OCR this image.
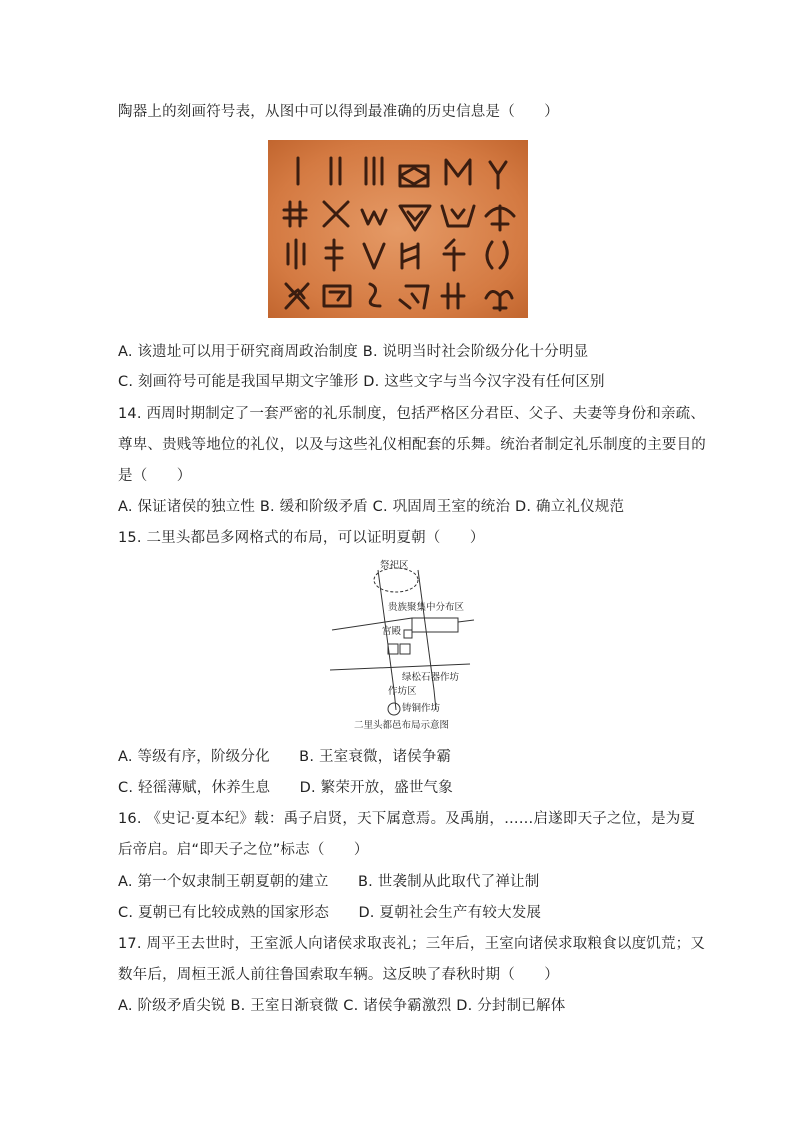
陶器上的刻画符号表，从图中可以得到最准确的历史信息是（　　）
A. 该遗址可以用于研究商周政治制度 B. 说明当时社会阶级分化十分明显
C. 刻画符号可能是我国早期文字雏形 D. 这些文字与当今汉字没有任何区别
14. 西周时期制定了一套严密的礼乐制度，包括严格区分君臣、父子、夫妻等身份和亲疏、
尊卑、贵贱等地位的礼仪，以及与这些礼仪相配套的乐舞。统治者制定礼乐制度的主要目的
是（　　）
A. 保证诸侯的独立性 B. 缓和阶级矛盾 C. 巩固周王室的统治 D. 确立礼仪规范
15. 二里头都邑多网格式的布局，可以证明夏朝（　　）
祭祀区
贵族聚集中分布区
宫殿
绿松石器作坊
作坊区
铸铜作坊
二里头都邑布局示意图
A. 等级有序，阶级分化　　B. 王室衰微，诸侯争霸
C. 轻徭薄赋，休养生息　　D. 繁荣开放，盛世气象
16. 《史记·夏本纪》载：禹子启贤，天下属意焉。及禹崩，……启遂即天子之位，是为夏
后帝启。启“即天子之位”标志（　　）
A. 第一个奴隶制王朝夏朝的建立　　B. 世袭制从此取代了禅让制
C. 夏朝已有比较成熟的国家形态　　D. 夏朝社会生产有较大发展
17. 周平王去世时，王室派人向诸侯求取丧礼；三年后，王室向诸侯求取粮食以度饥荒；又
数年后，周桓王派人前往鲁国索取车辆。这反映了春秋时期（　　）
A. 阶级矛盾尖锐 B. 王室日渐衰微 C. 诸侯争霸激烈 D. 分封制已解体
